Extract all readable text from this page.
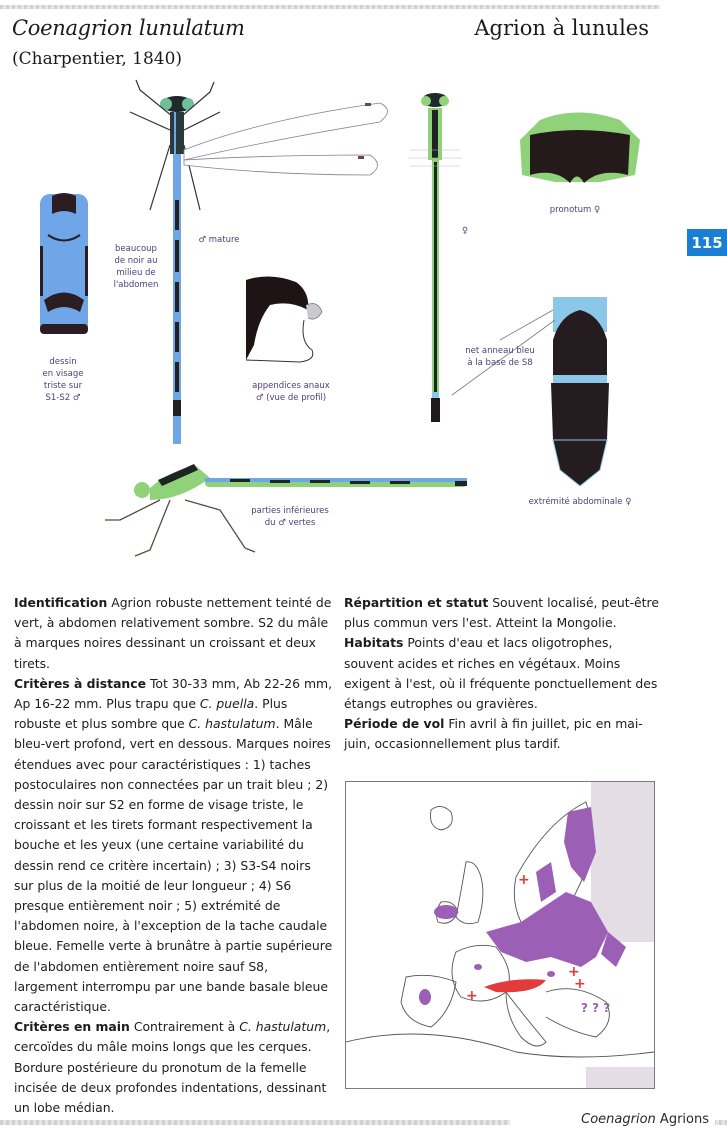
Coenagrion lunulatum
(Charpentier, 1840)
Agrion à lunules
115
dessin
en visage
triste sur
S1-S2 ♂
beaucoup
de noir au
milieu de
l'abdomen
♂ mature
appendices anaux
♂ (vue de profil)
♀
pronotum ♀
net anneau bleu
à la base de S8
extrémité abdominale ♀
parties inférieures
du ♂ vertes

Identification Agrion robuste nettement teinté de vert, à abdomen relativement sombre. S2 du mâle à marques noires dessinant un croissant et deux tirets.

Critères à distance Tot 30-33 mm, Ab 22-26 mm, Ap 16-22 mm. Plus trapu que C. puella. Plus robuste et plus sombre que C. hastulatum. Mâle bleu-vert profond, vert en dessous. Marques noires étendues avec pour caractéristiques : 1) taches postoculaires non connectées par un trait bleu ; 2) dessin noir sur S2 en forme de visage triste, le croissant et les tirets formant respectivement la bouche et les yeux (une certaine variabilité du dessin rend ce critère incertain) ; 3) S3-S4 noirs sur plus de la moitié de leur longueur ; 4) S6 presque entièrement noir ; 5) extrémité de l'abdomen noire, à l'exception de la tache caudale bleue. Femelle verte à brunâtre à partie supérieure de l'abdomen entièrement noire sauf S8, largement interrompu par une bande basale bleue caractéristique.

Critères en main Contrairement à C. hastulatum, cercoïdes du mâle moins longs que les cerques. Bordure postérieure du pronotum de la femelle incisée de deux profondes indentations, dessinant un lobe médian.

Répartition et statut Souvent localisé, peut-être plus commun vers l'est. Atteint la Mongolie.

Habitats Points d'eau et lacs oligotrophes, souvent acides et riches en végétaux. Moins exigent à l'est, où il fréquente ponctuellement des étangs eutrophes ou gravières.

Période de vol Fin avril à fin juillet, pic en mai-juin, occasionnellement plus tardif.

+
+
+
+
? ? ?
Coenagrion Agrions
